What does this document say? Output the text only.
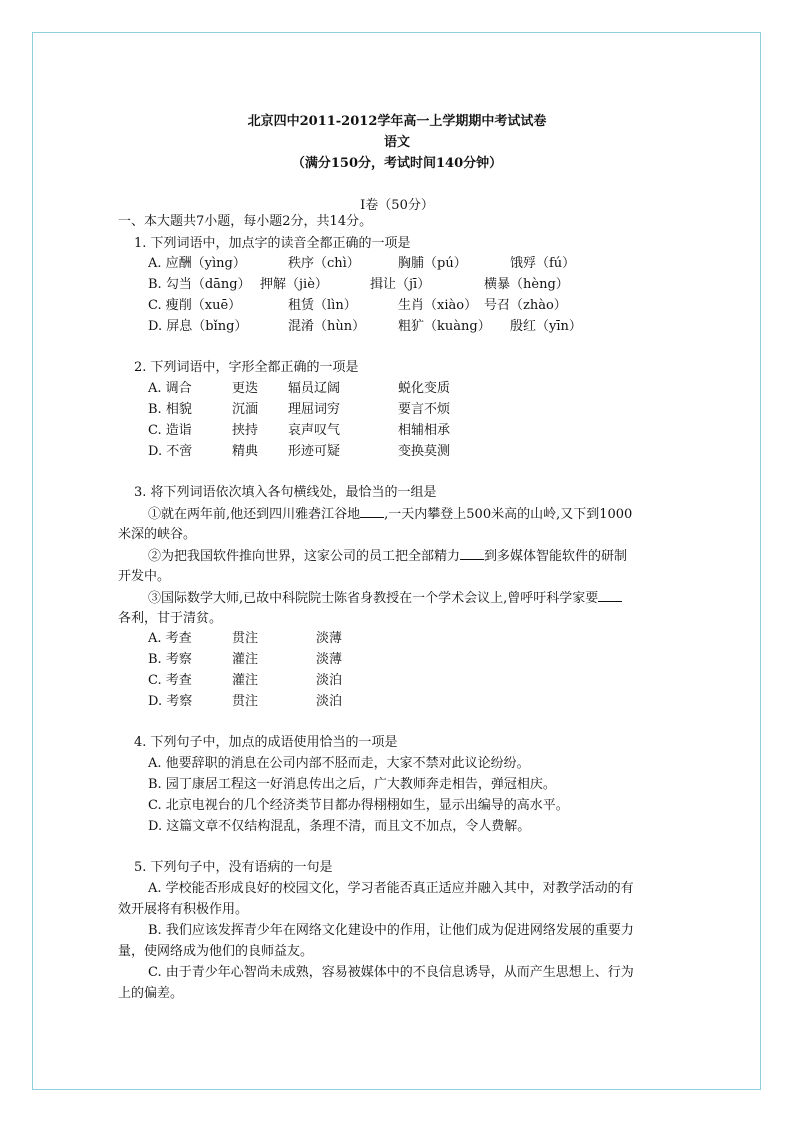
北京四中2011-2012学年高一上学期期中考试试卷
语文
（满分150分，考试时间140分钟）
Ⅰ卷（50分）
一、本大题共7小题，每小题2分，共14分。
1. 下列词语中，加点字的读音全都正确的一项是
A. 应酬（yìng）	秩序（chì）	胸脯（pú）	饿殍（fú）
B. 勾当（dāng） 押解（jiè）	揖让（jī）	横暴（hèng）
C. 瘦削（xuē）	租赁（lìn）	生肖（xiào） 号召（zhào）
D. 屏息（bǐng）	混淆（hùn）	粗犷（kuàng） 殷红（yīn）
2. 下列词语中，字形全都正确的一项是
A. 调合	更迭 辐员辽阔	蜕化变质
B. 相貌	沉湎 理屈词穷	要言不烦
C. 造诣	挟持 哀声叹气	相辅相承
D. 不啻	精典 形迹可疑	变换莫测
3. 将下列词语依次填入各句横线处，最恰当的一组是
①就在两年前,他还到四川雅砻江谷地 ,一天内攀登上500米高的山岭,又下到1000
米深的峡谷。
②为把我国软件推向世界，这家公司的员工把全部精力 到多媒体智能软件的研制
开发中。
③国际数学大师,已故中科院院士陈省身教授在一个学术会议上,曾呼吁科学家要
各利，甘于清贫。
A. 考查	贯注	淡薄
B. 考察	灌注	淡薄
C. 考查	灌注	淡泊
D. 考察	贯注	淡泊
4. 下列句子中，加点的成语使用恰当的一项是
A. 他要辞职的消息在公司内部不胫而走，大家不禁对此议论纷纷。
B. 园丁康居工程这一好消息传出之后，广大教师奔走相告，弹冠相庆。
C. 北京电视台的几个经济类节目都办得栩栩如生，显示出编导的高水平。
D. 这篇文章不仅结构混乱，条理不清，而且文不加点，令人费解。
5. 下列句子中，没有语病的一句是
A. 学校能否形成良好的校园文化，学习者能否真正适应并融入其中，对教学活动的有
效开展将有积极作用。
B. 我们应该发挥青少年在网络文化建设中的作用，让他们成为促进网络发展的重要力
量，使网络成为他们的良师益友。
C. 由于青少年心智尚未成熟，容易被媒体中的不良信息诱导，从而产生思想上、行为
上的偏差。
